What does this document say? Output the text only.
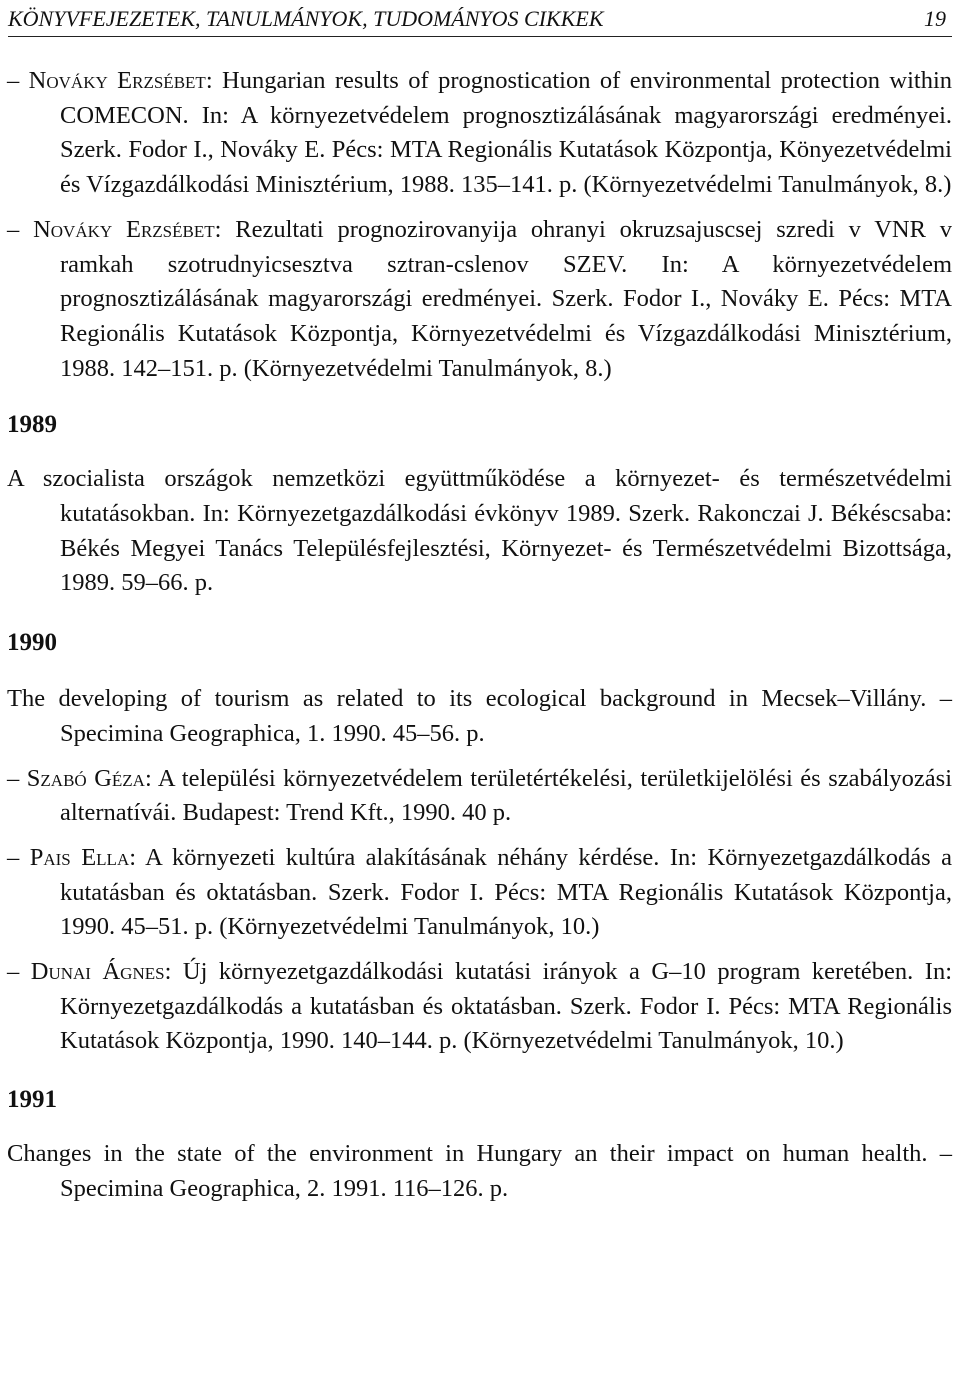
KÖNYVFEJEZETEK, TANULMÁNYOK, TUDOMÁNYOS CIKKEK	19

– Nováky Erzsébet: Hungarian results of prognostication of environmental protection within COMECON. In: A környezetvédelem prognosztizálásának magyarországi eredményei. Szerk. Fodor I., Nováky E. Pécs: MTA Regionális Kutatások Központja, Könyezetvédelmi és Vízgazdálkodási Minisztérium, 1988. 135–141. p. (Környezetvédelmi Tanulmányok, 8.)

– Nováky Erzsébet: Rezultati prognozirovanyija ohranyi okruzsajuscsej szredi v VNR v ramkah szotrudnyicsesztva sztran-cslenov SZEV. In: A környezetvédelem prognosztizálásának magyarországi eredményei. Szerk. Fodor I., Nováky E. Pécs: MTA Regionális Kutatások Központja, Környezetvédelmi és Vízgazdálkodási Minisztérium, 1988. 142–151. p. (Környezetvédelmi Tanulmányok, 8.)

1989

A szocialista országok nemzetközi együttműködése a környezet- és természetvédelmi kutatásokban. In: Környezetgazdálkodási évkönyv 1989. Szerk. Rakonczai J. Békéscsaba: Békés Megyei Tanács Településfejlesztési, Környezet- és Természetvédelmi Bizottsága, 1989. 59–66. p.

1990

The developing of tourism as related to its ecological background in Mecsek–Villány. – Specimina Geographica, 1. 1990. 45–56. p.

– Szabó Géza: A települési környezetvédelem területértékelési, területkijelölési és szabályozási alternatívái. Budapest: Trend Kft., 1990. 40 p.

– Pais Ella: A környezeti kultúra alakításának néhány kérdése. In: Környezetgazdálkodás a kutatásban és oktatásban. Szerk. Fodor I. Pécs: MTA Regionális Kutatások Központja, 1990. 45–51. p. (Környezetvédelmi Tanulmányok, 10.)

– Dunai Ágnes: Új környezetgazdálkodási kutatási irányok a G–10 program keretében. In: Környezetgazdálkodás a kutatásban és oktatásban. Szerk. Fodor I. Pécs: MTA Regionális Kutatások Központja, 1990. 140–144. p. (Környezetvédelmi Tanulmányok, 10.)

1991

Changes in the state of the environment in Hungary an their impact on human health. – Specimina Geographica, 2. 1991. 116–126. p.
